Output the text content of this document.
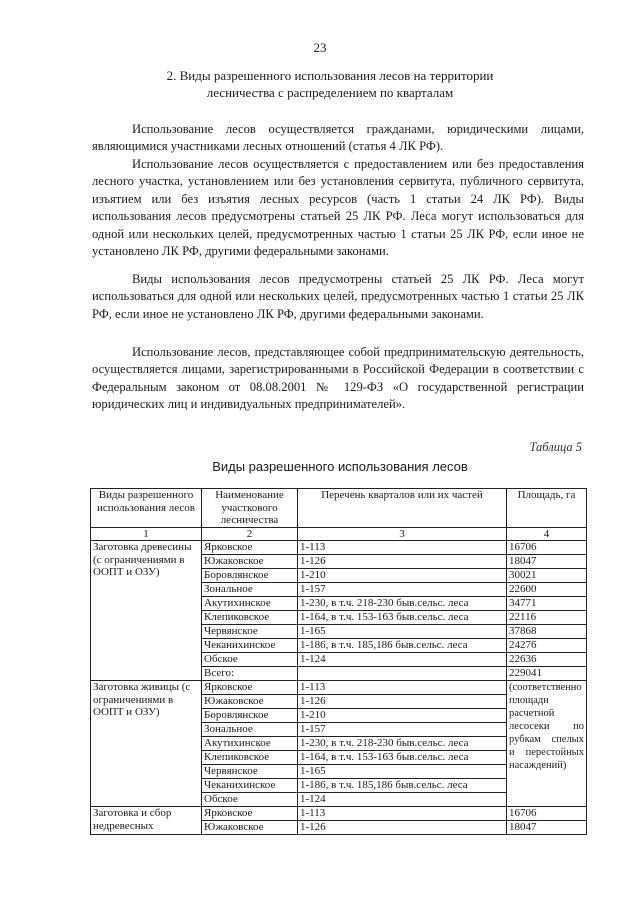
23
2. Виды разрешенного использования лесов на территории
лесничества с распределением по кварталам
Использование лесов осуществляется гражданами, юридическими лицами, являющимися участниками лесных отношений (статья 4 ЛК РФ).
Использование лесов осуществляется с предоставлением или без предоставления лесного участка, установлением или без установления сервитута, публичного сервитута, изъятием или без изъятия лесных ресурсов (часть 1 статьи 24 ЛК РФ). Виды использования лесов предусмотрены статьей 25 ЛК РФ. Леса могут использоваться для одной или нескольких целей, предусмотренных частью 1 статьи 25 ЛК РФ, если иное не установлено ЛК РФ, другими федеральными законами.
Виды использования лесов предусмотрены статьей 25 ЛК РФ. Леса могут использоваться для одной или нескольких целей, предусмотренных частью 1 статьи 25 ЛК РФ, если иное не установлено ЛК РФ, другими федеральными законами.
Использование лесов, представляющее собой предпринимательскую деятельность, осуществляется лицами, зарегистрированными в Российской Федерации в соответствии с Федеральным законом от 08.08.2001 № 129-ФЗ «О государственной регистрации юридических лиц и индивидуальных предпринимателей».
Таблица 5
Виды разрешенного использования лесов
Виды разрешенного использования лесов	Наименование участкового лесничества	Перечень кварталов или их частей	Площадь, га
1	2	3	4
Заготовка древесины (с ограничениями в ООПТ и ОЗУ)	Ярковское	1-113	16706
	Южаковское	1-126	18047
	Боровлянское	1-210	30021
	Зональное	1-157	22600
	Акутихинское	1-230, в т.ч. 218-230 быв.сельс. леса	34771
	Клепиковское	1-164, в т.ч. 153-163 быв.сельс. леса	22116
	Червянское	1-165	37868
	Чеканихинское	1-186, в т.ч. 185,186 быв.сельс. леса	24276
	Обское	1-124	22636
	Всего:		229041
Заготовка живицы (с ограничениями в ООПТ и ОЗУ)	Ярковское	1-113	(соответственно площади расчетной лесосеки по рубкам спелых и перестойных насаждений)
	Южаковское	1-126	
	Боровлянское	1-210	
	Зональное	1-157	
	Акутихинское	1-230, в т.ч. 218-230 быв.сельс. леса	
	Клепиковское	1-164, в т.ч. 153-163 быв.сельс. леса	
	Червянское	1-165	
	Чеканихинское	1-186, в т.ч. 185,186 быв.сельс. леса	
	Обское	1-124	
Заготовка и сбор недревесных	Ярковское	1-113	16706
	Южаковское	1-126	18047
